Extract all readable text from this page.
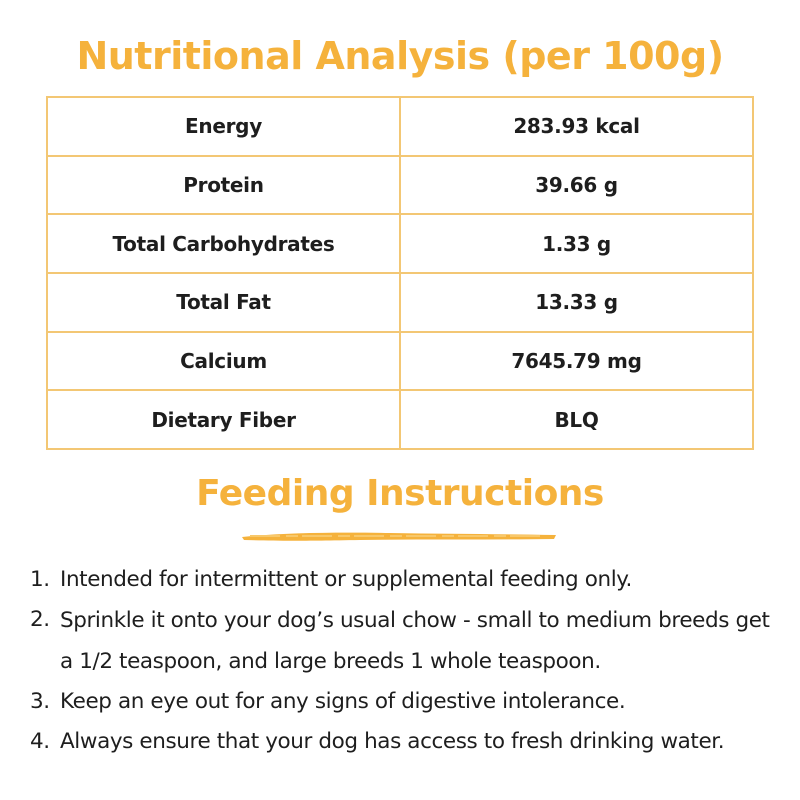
Nutritional Analysis (per 100g)
Energy	283.93 kcal
Protein	39.66 g
Total Carbohydrates	1.33 g
Total Fat	13.33 g
Calcium	7645.79 mg
Dietary Fiber	BLQ
Feeding Instructions
1. Intended for intermittent or supplemental feeding only.
2. Sprinkle it onto your dog’s usual chow - small to medium breeds get a 1/2 teaspoon, and large breeds 1 whole teaspoon.
3. Keep an eye out for any signs of digestive intolerance.
4. Always ensure that your dog has access to fresh drinking water.
